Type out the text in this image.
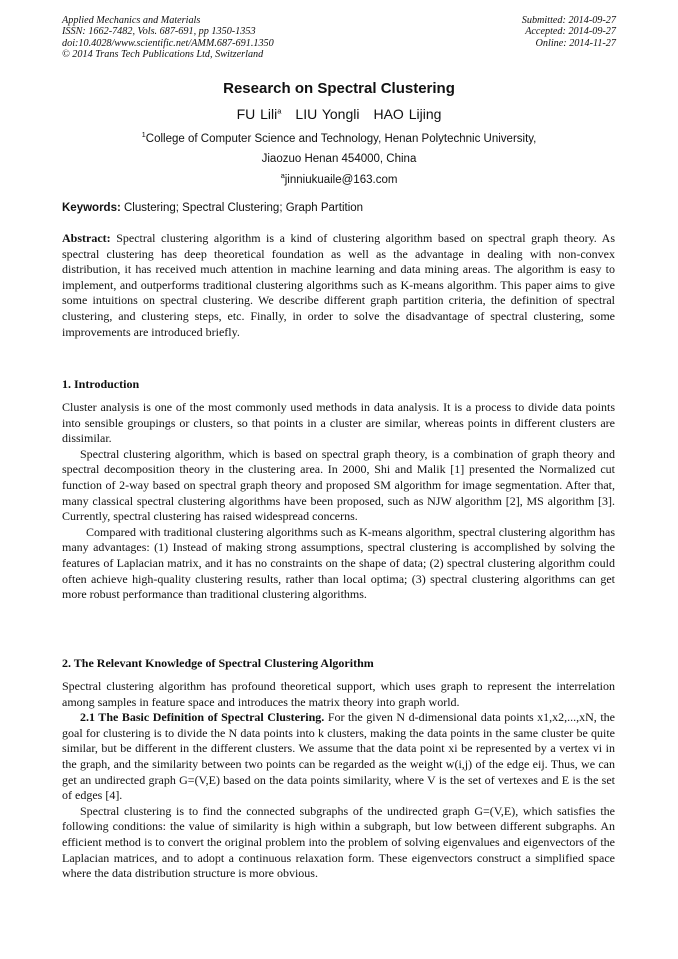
Applied Mechanics and Materials
ISSN: 1662-7482, Vols. 687-691, pp 1350-1353
doi:10.4028/www.scientific.net/AMM.687-691.1350
© 2014 Trans Tech Publications Ltd, Switzerland
Submitted: 2014-09-27
Accepted: 2014-09-27
Online: 2014-11-27
Research on Spectral Clustering
FU Lili$^a$ LIU Yongli HAO Lijing
$^1$College of Computer Science and Technology, Henan Polytechnic University,
Jiaozuo Henan 454000, China
$^a$jinniukuaile@163.com
Keywords: Clustering; Spectral Clustering; Graph Partition

Abstract: Spectral clustering algorithm is a kind of clustering algorithm based on spectral graph theory. As spectral clustering has deep theoretical foundation as well as the advantage in dealing with non-convex distribution, it has received much attention in machine learning and data mining areas. The algorithm is easy to implement, and outperforms traditional clustering algorithms such as K-means algorithm. This paper aims to give some intuitions on spectral clustering. We describe different graph partition criteria, the definition of spectral clustering, and clustering steps, etc. Finally, in order to solve the disadvantage of spectral clustering, some improvements are introduced briefly.

1. Introduction

Cluster analysis is one of the most commonly used methods in data analysis. It is a process to divide data points into sensible groupings or clusters, so that points in a cluster are similar, whereas points in different clusters are dissimilar.

Spectral clustering algorithm, which is based on spectral graph theory, is a combination of graph theory and spectral decomposition theory in the clustering area. In 2000, Shi and Malik [1] presented the Normalized cut function of 2-way based on spectral graph theory and proposed SM algorithm for image segmentation. After that, many classical spectral clustering algorithms have been proposed, such as NJW algorithm [2], MS algorithm [3]. Currently, spectral clustering has raised widespread concerns.

Compared with traditional clustering algorithms such as K-means algorithm, spectral clustering algorithm has many advantages: (1) Instead of making strong assumptions, spectral clustering is accomplished by solving the features of Laplacian matrix, and it has no constraints on the shape of data; (2) spectral clustering algorithm could often achieve high-quality clustering results, rather than local optima; (3) spectral clustering algorithms can get more robust performance than traditional clustering algorithms.

2. The Relevant Knowledge of Spectral Clustering Algorithm

Spectral clustering algorithm has profound theoretical support, which uses graph to represent the interrelation among samples in feature space and introduces the matrix theory into graph world.

2.1 The Basic Definition of Spectral Clustering. For the given N d-dimensional data points x1,x2,...,xN, the goal for clustering is to divide the N data points into k clusters, making the data points in the same cluster be quite similar, but be different in the different clusters. We assume that the data point xi be represented by a vertex vi in the graph, and the similarity between two points can be regarded as the weight w(i,j) of the edge eij. Thus, we can get an undirected graph G=(V,E) based on the data points similarity, where V is the set of vertexes and E is the set of edges [4].

Spectral clustering is to find the connected subgraphs of the undirected graph G=(V,E), which satisfies the following conditions: the value of similarity is high within a subgraph, but low between different subgraphs. An efficient method is to convert the original problem into the problem of solving eigenvalues and eigenvectors of the Laplacian matrices, and to adopt a continuous relaxation form. These eigenvectors construct a simplified space where the data distribution structure is more obvious.
